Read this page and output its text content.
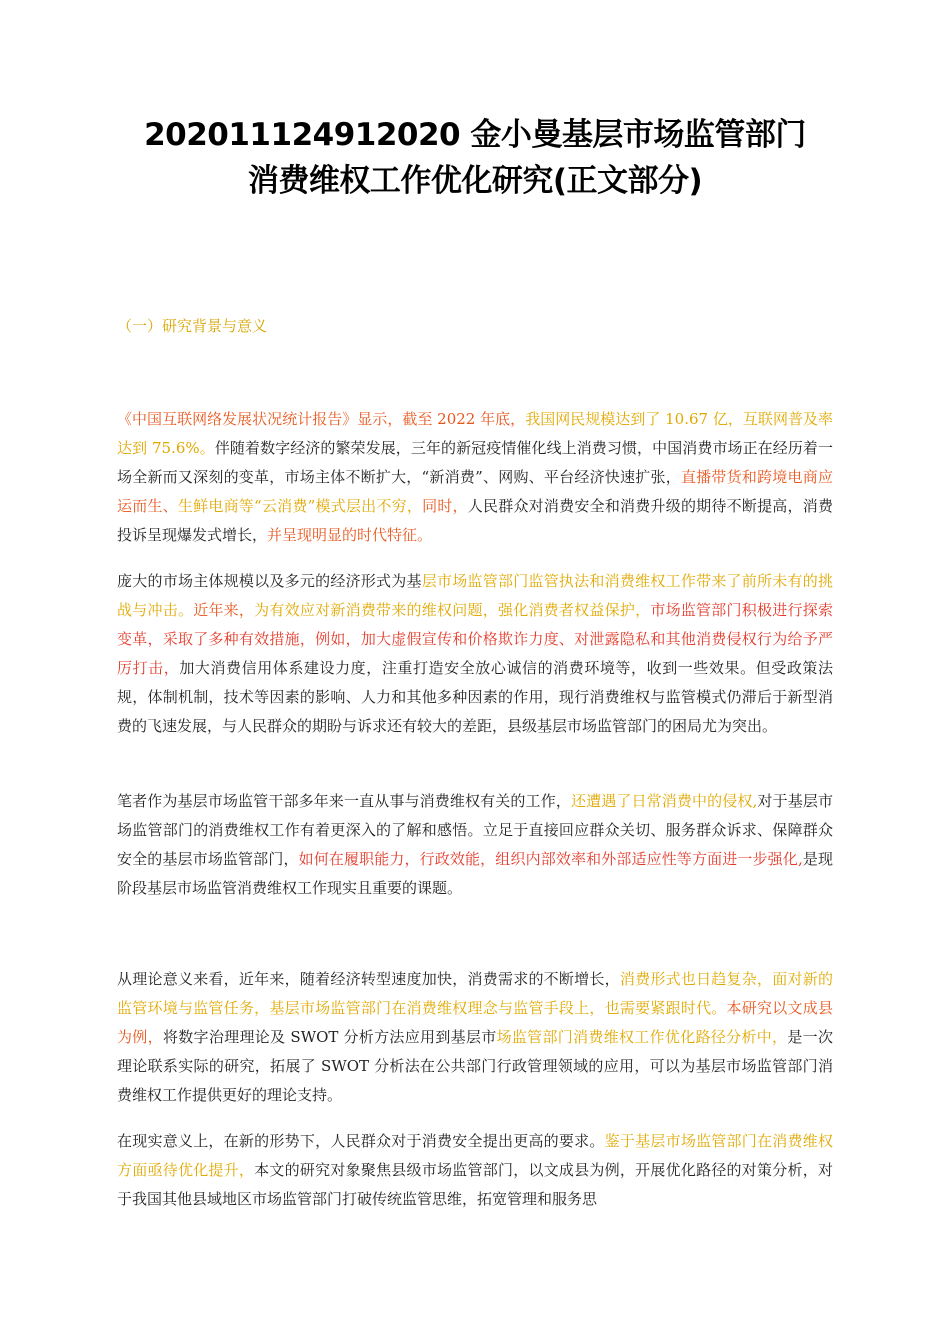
202011124912020 金小曼基层市场监管部门
消费维权工作优化研究(正文部分)
（一）研究背景与意义
《中国互联网络发展状况统计报告》显示，截至 2022 年底，我国网民规模达到了 10.67 亿，互联网普及率达到 75.6%。伴随着数字经济的繁荣发展，三年的新冠疫情催化线上消费习惯，中国消费市场正在经历着一场全新而又深刻的变革，市场主体不断扩大，“新消费”、网购、平台经济快速扩张，直播带货和跨境电商应运而生、生鲜电商等“云消费”模式层出不穷，同时，人民群众对消费安全和消费升级的期待不断提高，消费投诉呈现爆发式增长，并呈现明显的时代特征。
庞大的市场主体规模以及多元的经济形式为基层市场监管部门监管执法和消费维权工作带来了前所未有的挑战与冲击。近年来，为有效应对新消费带来的维权问题，强化消费者权益保护，市场监管部门积极进行探索变革，采取了多种有效措施，例如，加大虚假宣传和价格欺诈力度、对泄露隐私和其他消费侵权行为给予严厉打击，加大消费信用体系建设力度，注重打造安全放心诚信的消费环境等，收到一些效果。但受政策法规，体制机制，技术等因素的影响、人力和其他多种因素的作用，现行消费维权与监管模式仍滞后于新型消费的飞速发展，与人民群众的期盼与诉求还有较大的差距，县级基层市场监管部门的困局尤为突出。
笔者作为基层市场监管干部多年来一直从事与消费维权有关的工作，还遭遇了日常消费中的侵权,对于基层市场监管部门的消费维权工作有着更深入的了解和感悟。立足于直接回应群众关切、服务群众诉求、保障群众安全的基层市场监管部门，如何在履职能力，行政效能，组织内部效率和外部适应性等方面进一步强化,是现阶段基层市场监管消费维权工作现实且重要的课题。
从理论意义来看，近年来，随着经济转型速度加快，消费需求的不断增长，消费形式也日趋复杂，面对新的监管环境与监管任务，基层市场监管部门在消费维权理念与监管手段上，也需要紧跟时代。本研究以文成县为例，将数字治理理论及 SWOT 分析方法应用到基层市场监管部门消费维权工作优化路径分析中，是一次理论联系实际的研究，拓展了 SWOT 分析法在公共部门行政管理领域的应用，可以为基层市场监管部门消费维权工作提供更好的理论支持。
在现实意义上，在新的形势下，人民群众对于消费安全提出更高的要求。鉴于基层市场监管部门在消费维权方面亟待优化提升，本文的研究对象聚焦县级市场监管部门，以文成县为例，开展优化路径的对策分析，对于我国其他县域地区市场监管部门打破传统监管思维，拓宽管理和服务思
